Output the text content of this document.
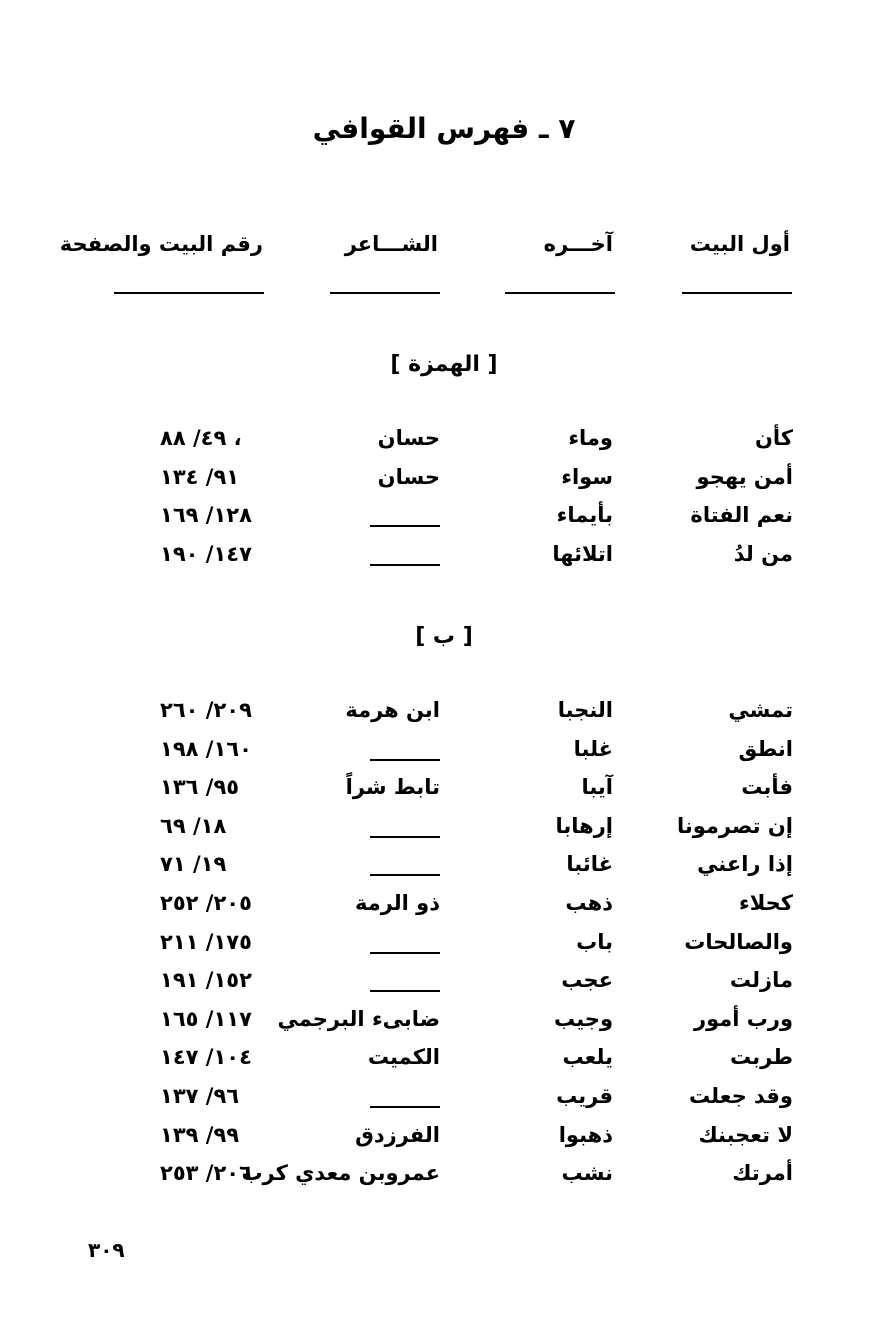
٧ ـ فهرس القوافي
أول البيت
آخـــره
الشـــاعر
رقم البيت والصفحة
[ الهمزة ]
كأن
وماء
حسان
٤٩/ ٨٨ ،
أمن يهجو
سواء
حسان
٩١/ ١٣٤
نعم الفتاة
بأيماء
١٢٨/ ١٦٩
من لدُ
اتلائها
١٤٧/ ١٩٠
[ ب ]
تمشي
النجبا
ابن هرمة
٢٠٩/ ٢٦٠
انطق
غلبا
١٦٠/ ١٩٨
فأبت
آيبا
تابط شراً
٩٥/ ١٣٦
إن تصرمونا
إرهابا
١٨/ ٦٩
إذا راعني
غائبا
١٩/ ٧١
كحلاء
ذهب
ذو الرمة
٢٠٥/ ٢٥٢
والصالحات
باب
١٧٥/ ٢١١
مازلت
عجب
١٥٢/ ١٩١
ورب أمور
وجيب
ضابىء البرجمي
١١٧/ ١٦٥
طربت
يلعب
الكميت
١٠٤/ ١٤٧
وقد جعلت
قريب
٩٦/ ١٣٧
لا تعجبنك
ذهبوا
الفرزدق
٩٩/ ١٣٩
أمرتك
نشب
عمروبن معدي كرب
٢٠٦/ ٢٥٣
٣٠٩
